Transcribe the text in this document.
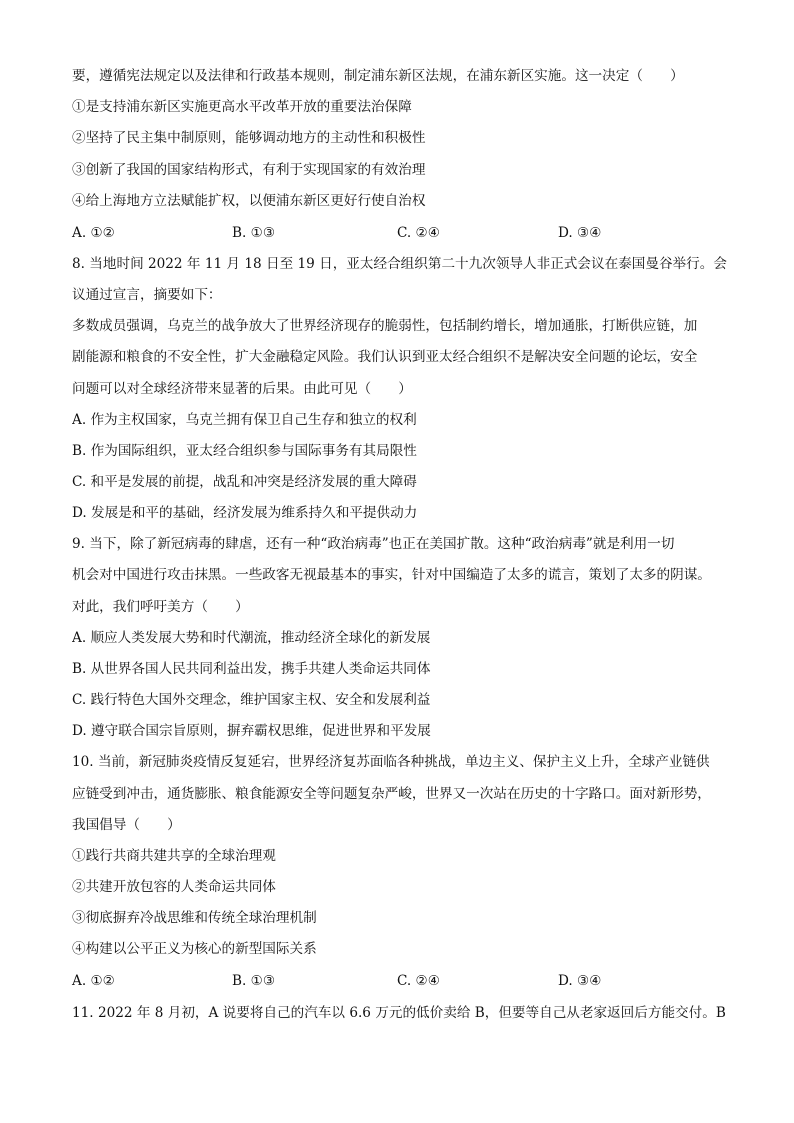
要，遵循宪法规定以及法律和行政基本规则，制定浦东新区法规，在浦东新区实施。这一决定（　　）
①是支持浦东新区实施更高水平改革开放的重要法治保障
②坚持了民主集中制原则，能够调动地方的主动性和积极性
③创新了我国的国家结构形式，有利于实现国家的有效治理
④给上海地方立法赋能扩权，以便浦东新区更好行使自治权
A. ①②	B. ①③	C. ②④	D. ③④
8. 当地时间 2022 年 11 月 18 日至 19 日，亚太经合组织第二十九次领导人非正式会议在泰国曼谷举行。会
议通过宣言，摘要如下：
多数成员强调，乌克兰的战争放大了世界经济现存的脆弱性，包括制约增长，增加通胀，打断供应链，加
剧能源和粮食的不安全性，扩大金融稳定风险。我们认识到亚太经合组织不是解决安全问题的论坛，安全
问题可以对全球经济带来显著的后果。由此可见（　　）
A. 作为主权国家，乌克兰拥有保卫自己生存和独立的权利
B. 作为国际组织，亚太经合组织参与国际事务有其局限性
C. 和平是发展的前提，战乱和冲突是经济发展的重大障碍
D. 发展是和平的基础，经济发展为维系持久和平提供动力
9. 当下，除了新冠病毒的肆虐，还有一种“政治病毒”也正在美国扩散。这种“政治病毒”就是利用一切
机会对中国进行攻击抹黑。一些政客无视最基本的事实，针对中国编造了太多的谎言，策划了太多的阴谋。
对此，我们呼吁美方（　　）
A. 顺应人类发展大势和时代潮流，推动经济全球化的新发展
B. 从世界各国人民共同利益出发，携手共建人类命运共同体
C. 践行特色大国外交理念，维护国家主权、安全和发展利益
D. 遵守联合国宗旨原则，摒弃霸权思维，促进世界和平发展
10. 当前，新冠肺炎疫情反复延宕，世界经济复苏面临各种挑战，单边主义、保护主义上升，全球产业链供
应链受到冲击，通货膨胀、粮食能源安全等问题复杂严峻，世界又一次站在历史的十字路口。面对新形势，
我国倡导（　　）
①践行共商共建共享的全球治理观
②共建开放包容的人类命运共同体
③彻底摒弃冷战思维和传统全球治理机制
④构建以公平正义为核心的新型国际关系
A. ①②	B. ①③	C. ②④	D. ③④
11. 2022 年 8 月初，A 说要将自己的汽车以 6.6 万元的低价卖给 B，但要等自己从老家返回后方能交付。B
